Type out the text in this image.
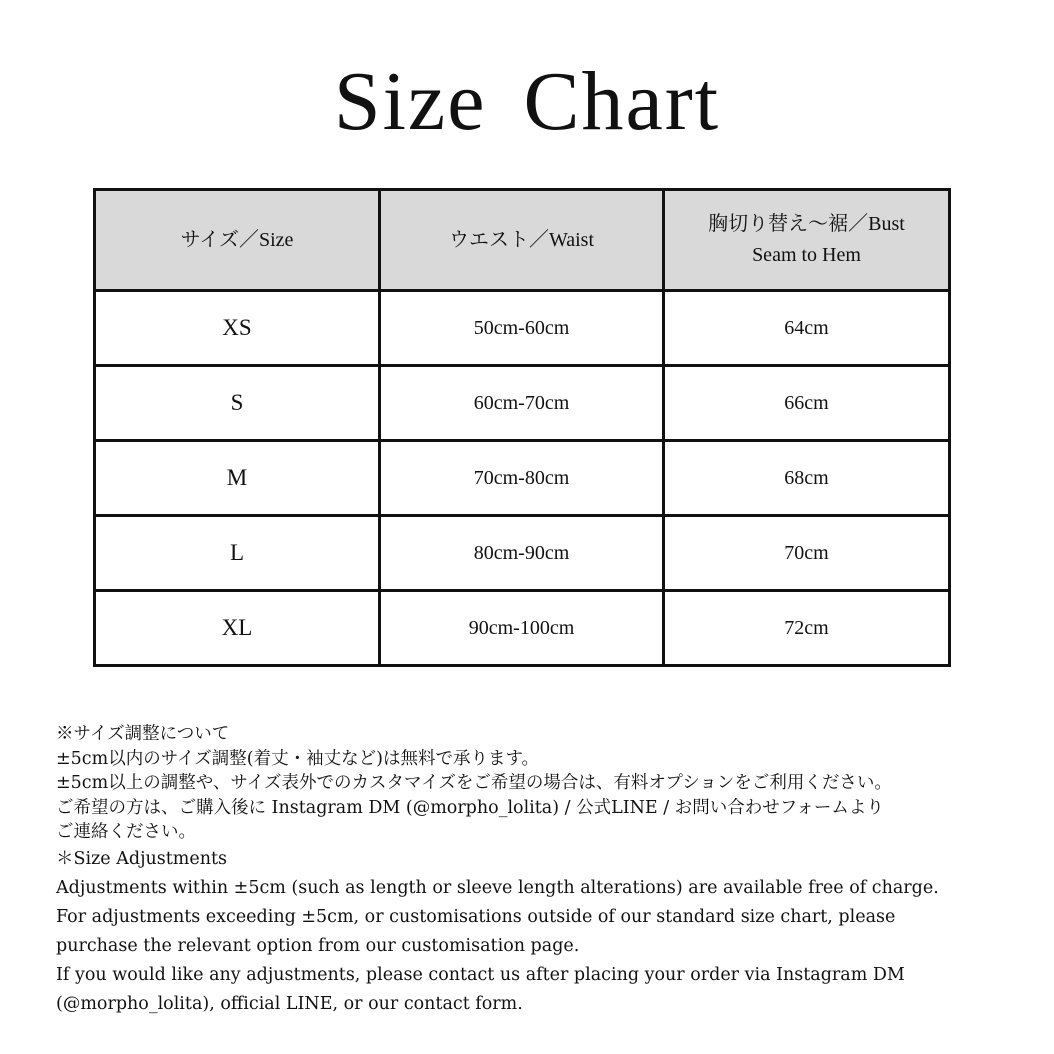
Size Chart
サイズ／Size	ウエスト／Waist	胸切り替え〜裾／Bust
Seam to Hem
XS	50cm-60cm	64cm
S	60cm-70cm	66cm
M	70cm-80cm	68cm
L	80cm-90cm	70cm
XL	90cm-100cm	72cm
※サイズ調整について
±5cm以内のサイズ調整(着丈・袖丈など)は無料で承ります。
±5cm以上の調整や、サイズ表外でのカスタマイズをご希望の場合は、有料オプションをご利用ください。
ご希望の方は、ご購入後に Instagram DM (@morpho_lolita) / 公式LINE / お問い合わせフォームより
ご連絡ください。
＊Size Adjustments
Adjustments within ±5cm (such as length or sleeve length alterations) are available free of charge.
For adjustments exceeding ±5cm, or customisations outside of our standard size chart, please
purchase the relevant option from our customisation page.
If you would like any adjustments, please contact us after placing your order via Instagram DM
(@morpho_lolita), official LINE, or our contact form.
